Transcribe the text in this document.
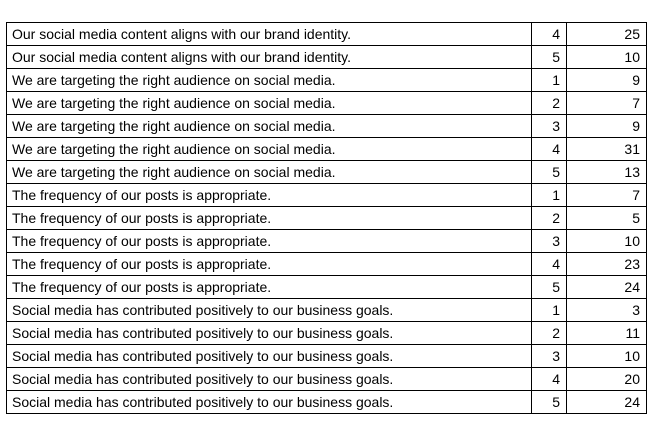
Our social media content aligns with our brand identity.	4	25
Our social media content aligns with our brand identity.	5	10
We are targeting the right audience on social media.	1	9
We are targeting the right audience on social media.	2	7
We are targeting the right audience on social media.	3	9
We are targeting the right audience on social media.	4	31
We are targeting the right audience on social media.	5	13
The frequency of our posts is appropriate.	1	7
The frequency of our posts is appropriate.	2	5
The frequency of our posts is appropriate.	3	10
The frequency of our posts is appropriate.	4	23
The frequency of our posts is appropriate.	5	24
Social media has contributed positively to our business goals.	1	3
Social media has contributed positively to our business goals.	2	11
Social media has contributed positively to our business goals.	3	10
Social media has contributed positively to our business goals.	4	20
Social media has contributed positively to our business goals.	5	24
